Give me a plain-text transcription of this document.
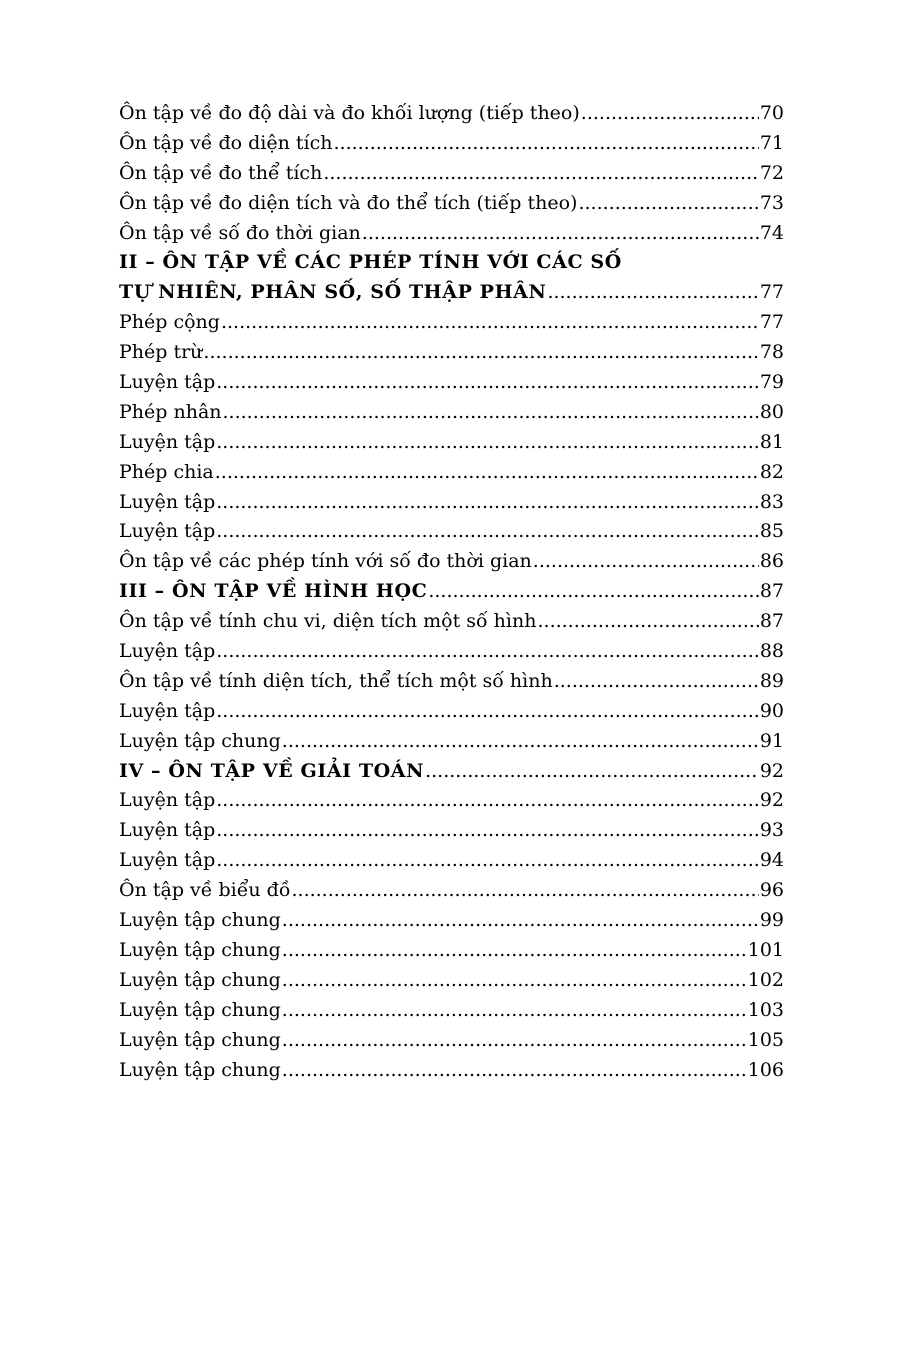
Ôn tập về đo độ dài và đo khối lượng (tiếp theo) .....	70
Ôn tập về đo diện tích .....	71
Ôn tập về đo thể tích .....	72
Ôn tập về đo diện tích và đo thể tích (tiếp theo) .....	73
Ôn tập về số đo thời gian .....	74
II – ÔN TẬP VỀ CÁC PHÉP TÍNH VỚI CÁC SỐ
TỰ NHIÊN, PHÂN SỐ, SỐ THẬP PHÂN .....	77
Phép cộng .....	77
Phép trừ .....	78
Luyện tập .....	79
Phép nhân .....	80
Luyện tập .....	81
Phép chia .....	82
Luyện tập .....	83
Luyện tập .....	85
Ôn tập về các phép tính với số đo thời gian .....	86
III – ÔN TẬP VỀ HÌNH HỌC .....	87
Ôn tập về tính chu vi, diện tích một số hình .....	87
Luyện tập .....	88
Ôn tập về tính diện tích, thể tích một số hình .....	89
Luyện tập .....	90
Luyện tập chung .....	91
IV – ÔN TẬP VỀ GIẢI TOÁN .....	92
Luyện tập .....	92
Luyện tập .....	93
Luyện tập .....	94
Ôn tập về biểu đồ .....	96
Luyện tập chung .....	99
Luyện tập chung .....	101
Luyện tập chung .....	102
Luyện tập chung .....	103
Luyện tập chung .....	105
Luyện tập chung .....	106
